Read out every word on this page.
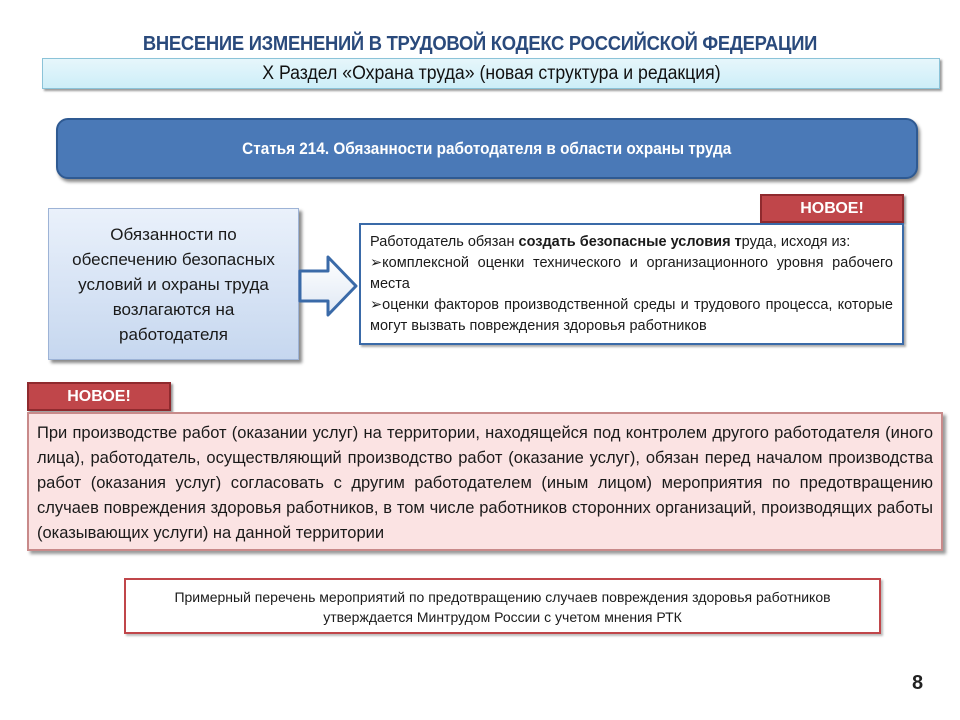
ВНЕСЕНИЕ ИЗМЕНЕНИЙ В ТРУДОВОЙ КОДЕКС РОССИЙСКОЙ ФЕДЕРАЦИИ
X Раздел «Охрана труда» (новая структура и редакция)
Статья 214. Обязанности работодателя в области охраны труда
Обязанности по обеспечению безопасных условий и охраны труда возлагаются на работодателя
НОВОЕ!
Работодатель обязан создать безопасные условия труда, исходя из:
➢комплексной оценки технического и организационного уровня рабочего места
➢оценки факторов производственной среды и трудового процесса, которые могут вызвать повреждения здоровья работников
НОВОЕ!
При производстве работ (оказании услуг) на территории, находящейся под контролем другого работодателя (иного лица), работодатель, осуществляющий производство работ (оказание услуг), обязан перед началом производства работ (оказания услуг) согласовать с другим работодателем (иным лицом) мероприятия по предотвращению случаев повреждения здоровья работников, в том числе работников сторонних организаций, производящих работы (оказывающих услуги) на данной территории
Примерный перечень мероприятий по предотвращению случаев повреждения здоровья работников
утверждается Минтрудом России с учетом мнения РТК
8
